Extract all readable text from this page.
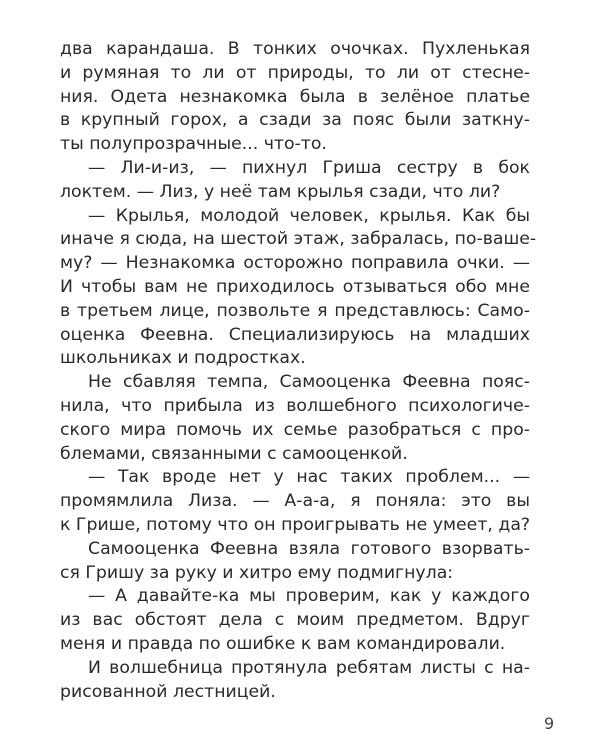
два карандаша. В тонких очочках. Пухленькая
и румяная то ли от природы, то ли от стесне-
ния. Одета незнакомка была в зелёное платье
в крупный горох, а сзади за пояс были заткну-
ты полупрозрачные... что-то.
— Ли-и-из, — пихнул Гриша сестру в бок
локтем. — Лиз, у неё там крылья сзади, что ли?
— Крылья, молодой человек, крылья. Как бы
иначе я сюда, на шестой этаж, забралась, по-ваше-
му? — Незнакомка осторожно поправила очки. —
И чтобы вам не приходилось отзываться обо мне
в третьем лице, позвольте я представлюсь: Само-
оценка Феевна. Специализируюсь на младших
школьниках и подростках.
Не сбавляя темпа, Самооценка Феевна пояс-
нила, что прибыла из волшебного психологиче-
ского мира помочь их семье разобраться с про-
блемами, связанными с самооценкой.
— Так вроде нет у нас таких проблем... —
промямлила Лиза. — А-а-а, я поняла: это вы
к Грише, потому что он проигрывать не умеет, да?
Самооценка Феевна взяла готового взорвать-
ся Гришу за руку и хитро ему подмигнула:
— А давайте-ка мы проверим, как у каждого
из вас обстоят дела с моим предметом. Вдруг
меня и правда по ошибке к вам командировали.
И волшебница протянула ребятам листы с на-
рисованной лестницей.
9
